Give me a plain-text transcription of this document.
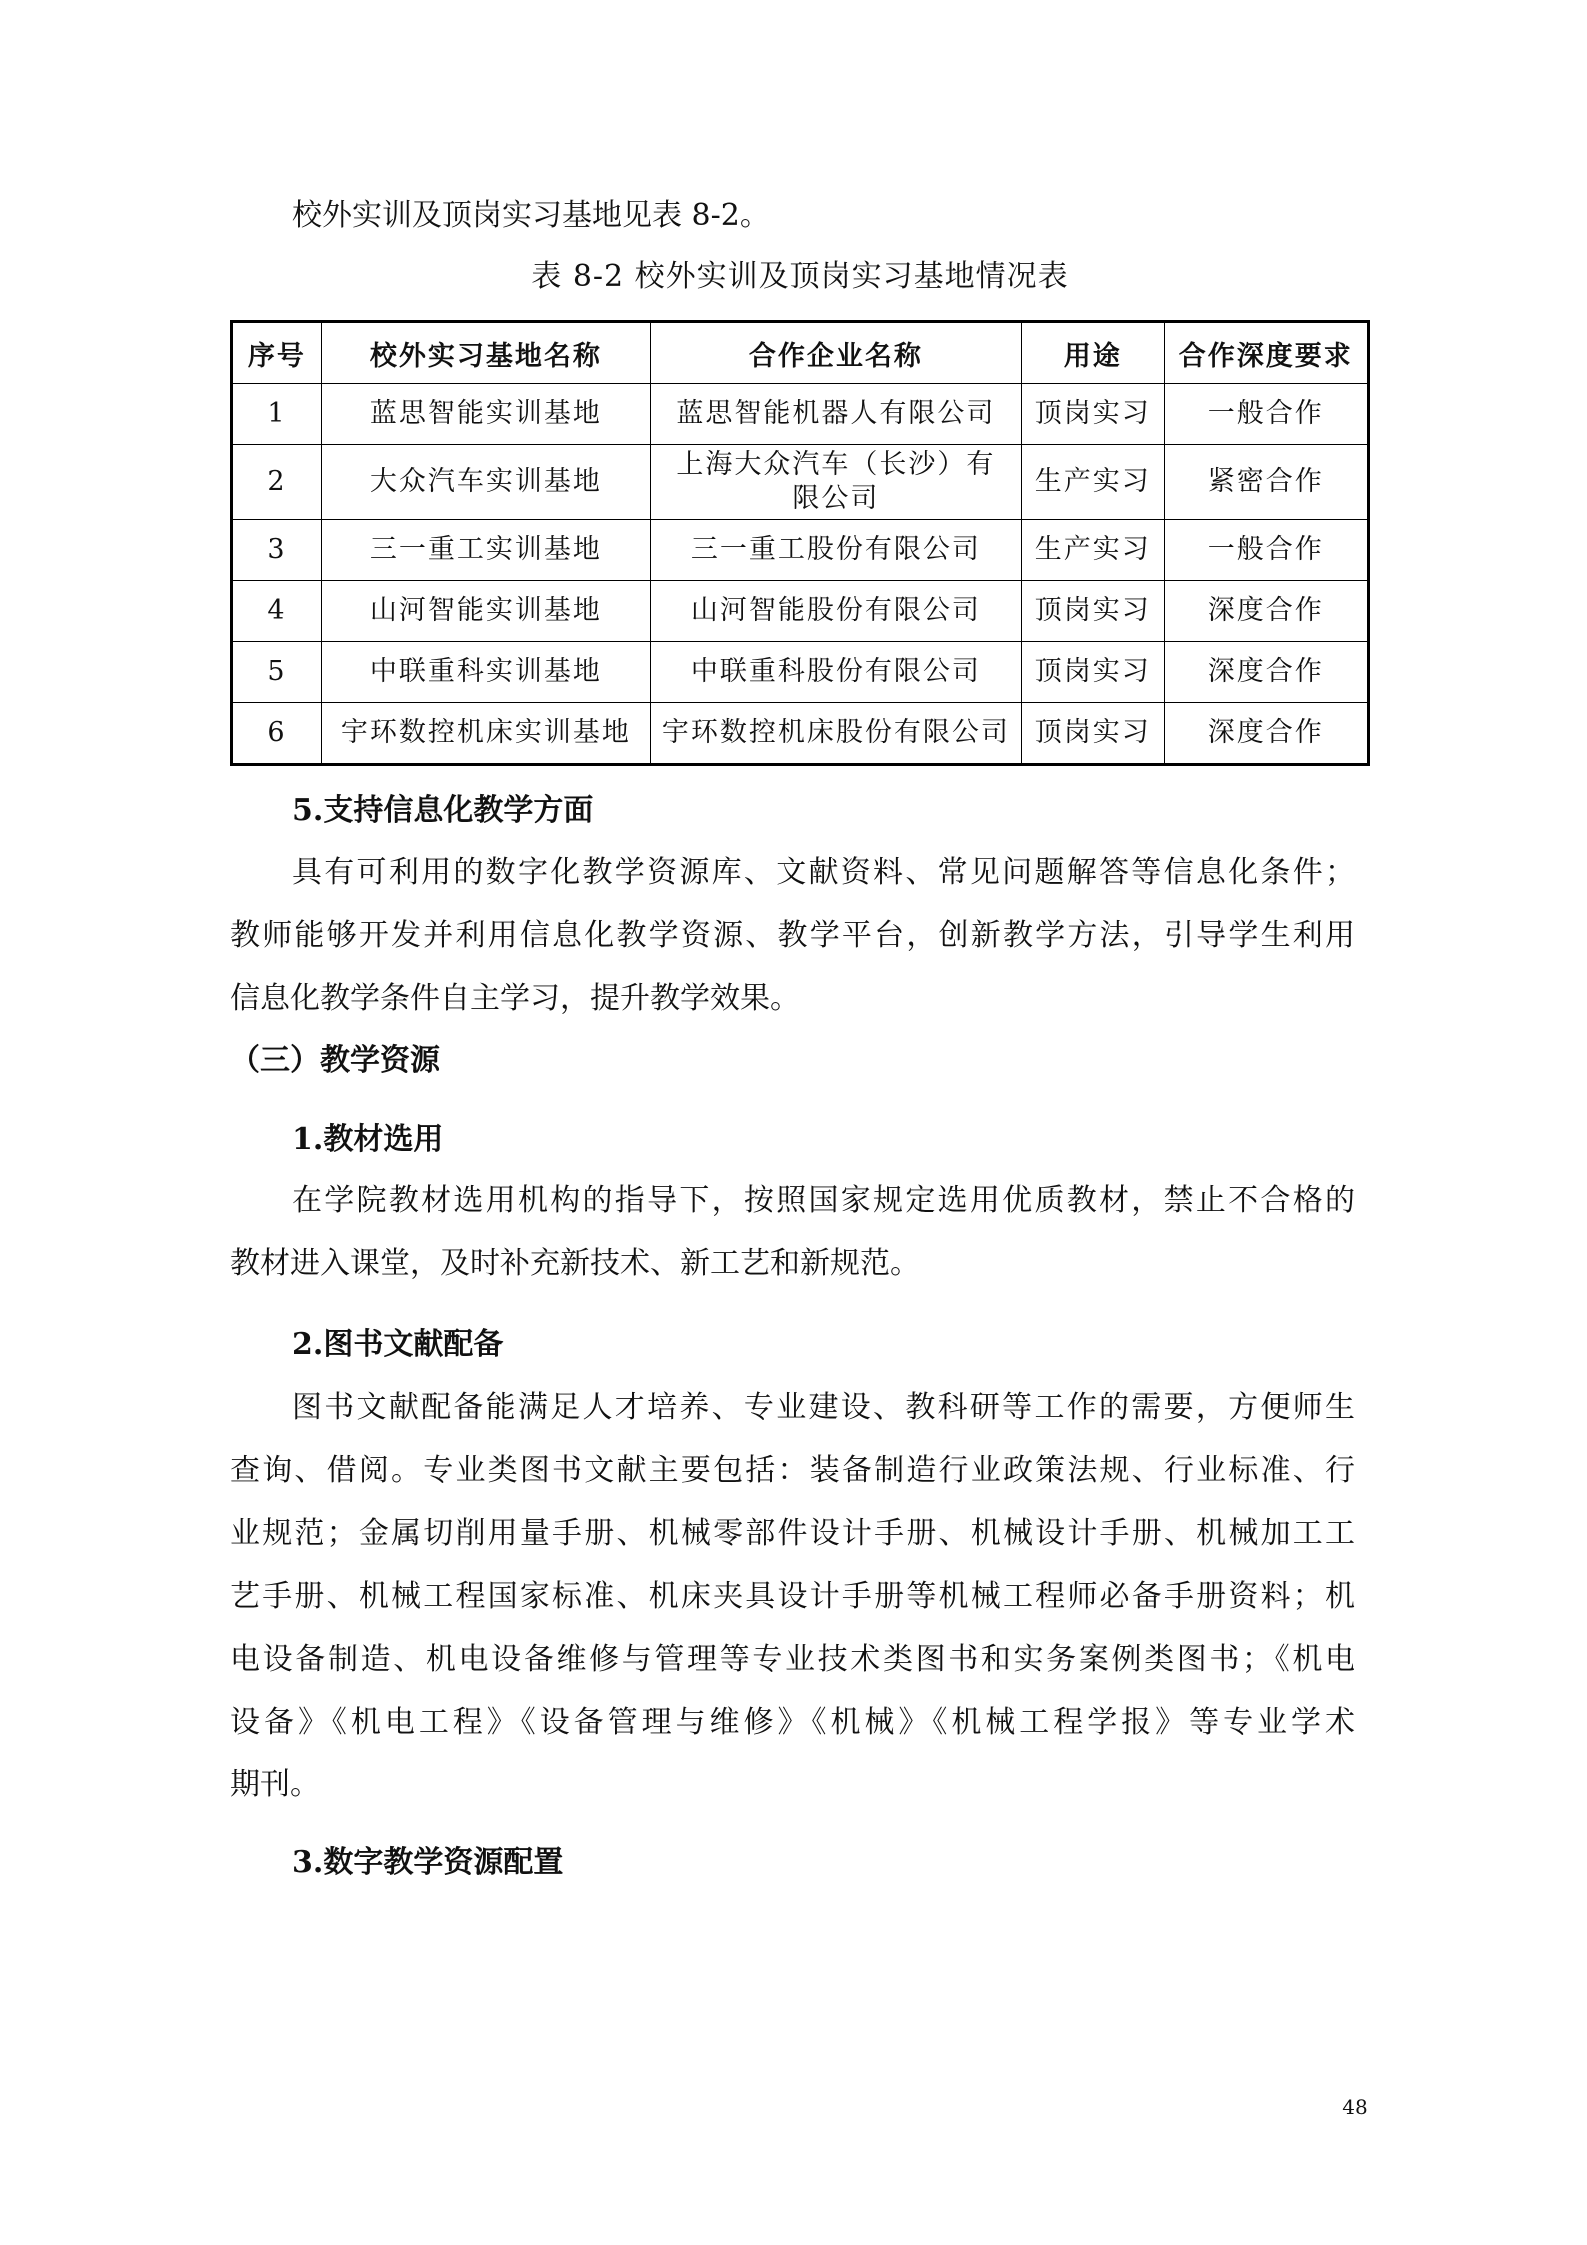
校外实训及顶岗实习基地见表 8-2。

表 8-2 校外实训及顶岗实习基地情况表

序号	校外实习基地名称	合作企业名称	用途	合作深度要求
1	蓝思智能实训基地	蓝思智能机器人有限公司	顶岗实习	一般合作
2	大众汽车实训基地	上海大众汽车（长沙）有限公司	生产实习	紧密合作
3	三一重工实训基地	三一重工股份有限公司	生产实习	一般合作
4	山河智能实训基地	山河智能股份有限公司	顶岗实习	深度合作
5	中联重科实训基地	中联重科股份有限公司	顶岗实习	深度合作
6	宇环数控机床实训基地	宇环数控机床股份有限公司	顶岗实习	深度合作

5.支持信息化教学方面

具有可利用的数字化教学资源库、文献资料、常见问题解答等信息化条件；

教师能够开发并利用信息化教学资源、教学平台，创新教学方法，引导学生利用

信息化教学条件自主学习，提升教学效果。

（三）教学资源

1.教材选用

在学院教材选用机构的指导下，按照国家规定选用优质教材，禁止不合格的

教材进入课堂，及时补充新技术、新工艺和新规范。

2.图书文献配备

图书文献配备能满足人才培养、专业建设、教科研等工作的需要，方便师生

查询、借阅。专业类图书文献主要包括：装备制造行业政策法规、行业标准、行

业规范；金属切削用量手册、机械零部件设计手册、机械设计手册、机械加工工

艺手册、机械工程国家标准、机床夹具设计手册等机械工程师必备手册资料；机

电设备制造、机电设备维修与管理等专业技术类图书和实务案例类图书；《机电

设备》《机电工程》《设备管理与维修》《机械》《机械工程学报》等专业学术

期刊。

3.数字教学资源配置

48
